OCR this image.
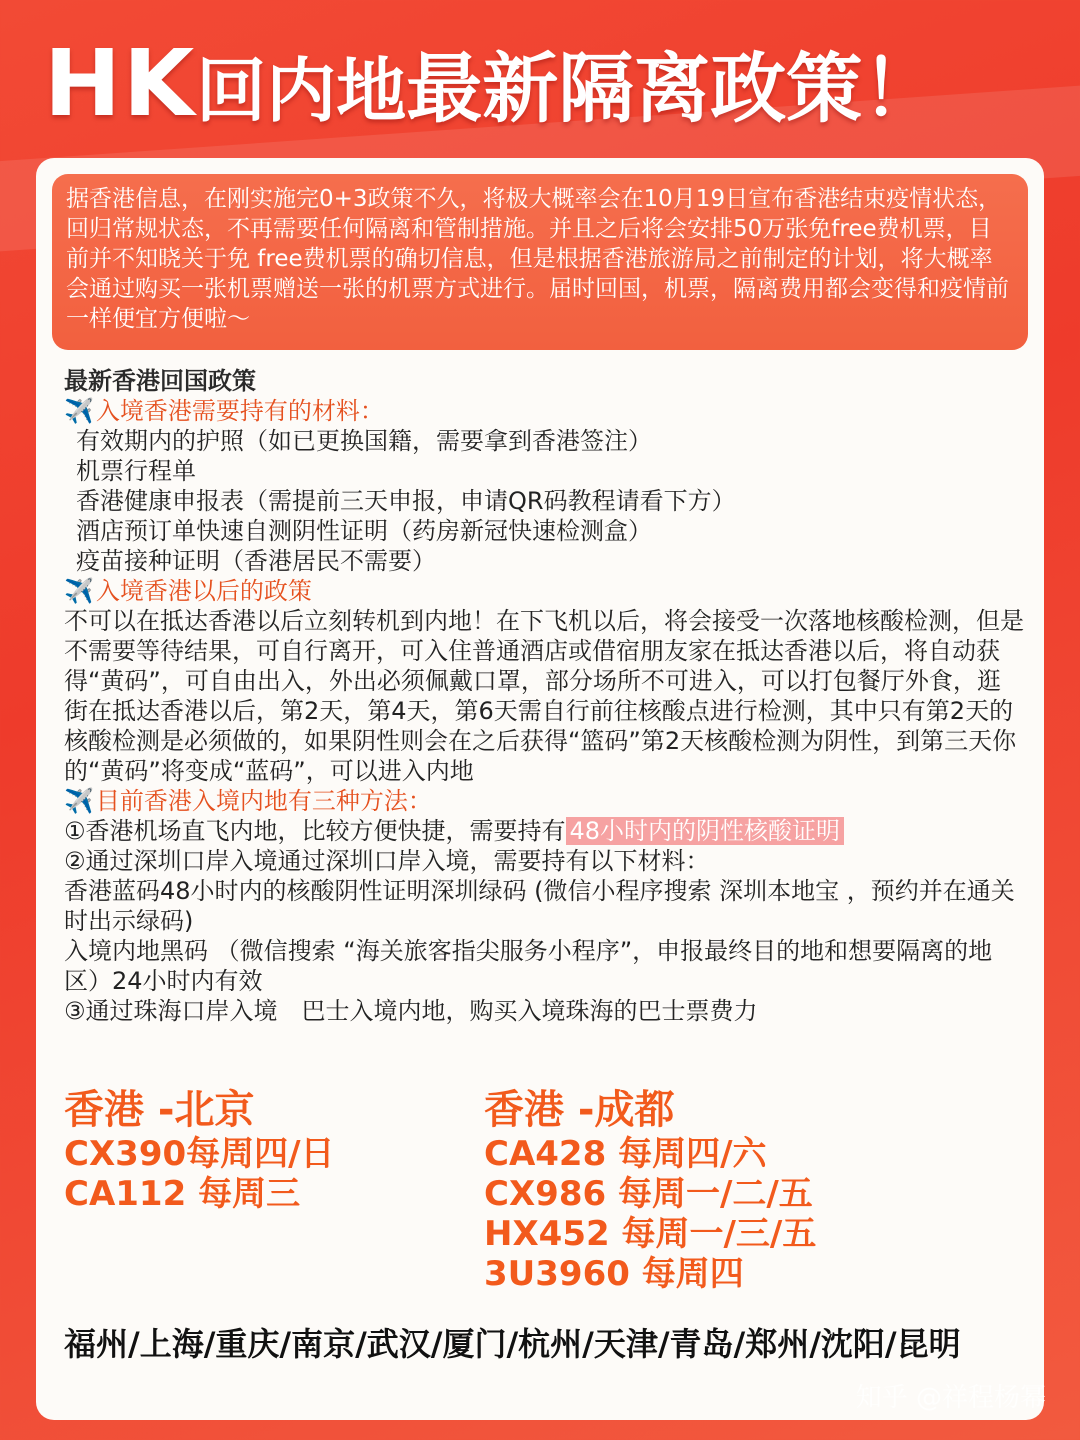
HK回内地最新隔离政策！
据香港信息，在刚实施完0+3政策不久，将极大概率会在10月19日宣布香港结束疫情状态，回归常规状态，不再需要任何隔离和管制措施。并且之后将会安排50万张免free费机票，目前并不知晓关于免 free费机票的确切信息，但是根据香港旅游局之前制定的计划，将大概率会通过购买一张机票赠送一张的机票方式进行。届时回国，机票，隔离费用都会变得和疫情前一样便宜方便啦～

最新香港回国政策

✈️入境香港需要持有的材料：

有效期内的护照（如已更换国籍，需要拿到香港签注）

机票行程单

香港健康申报表（需提前三天申报，申请QR码教程请看下方）

酒店预订单快速自测阴性证明（药房新冠快速检测盒）

疫苗接种证明（香港居民不需要）

✈️入境香港以后的政策

不可以在抵达香港以后立刻转机到内地！在下飞机以后，将会接受一次落地核酸检测，但是不需要等待结果，可自行离开，可入住普通酒店或借宿朋友家在抵达香港以后，将自动获得“黄码”，可自由出入，外出必须佩戴口罩，部分场所不可进入，可以打包餐厅外食，逛街在抵达香港以后，第2天，第4天，第6天需自行前往核酸点进行检测，其中只有第2天的核酸检测是必须做的，如果阴性则会在之后获得“篮码”第2天核酸检测为阴性，到第三天你的“黄码”将变成“蓝码”，可以进入内地

✈️目前香港入境内地有三种方法：

①香港机场直飞内地，比较方便快捷，需要持有 48小时内的阴性核酸证明

②通过深圳口岸入境通过深圳口岸入境，需要持有以下材料：

香港蓝码48小时内的核酸阴性证明深圳绿码 (微信小程序搜索 深圳本地宝 ，预约并在通关时出示绿码)

入境内地黑码 （微信搜索 “海关旅客指尖服务小程序”，申报最终目的地和想要隔离的地区）24小时内有效

③通过珠海口岸入境　巴士入境内地，购买入境珠海的巴士票费力

香港 -北京

CX390每周四/日

CA112 每周三

香港 -成都

CA428 每周四/六

CX986 每周一/二/五

HX452 每周一/三/五

3U3960 每周四

福州/上海/重庆/南京/武汉/厦门/杭州/天津/青岛/郑州/沈阳/昆明
知乎 @祥程杨幂
